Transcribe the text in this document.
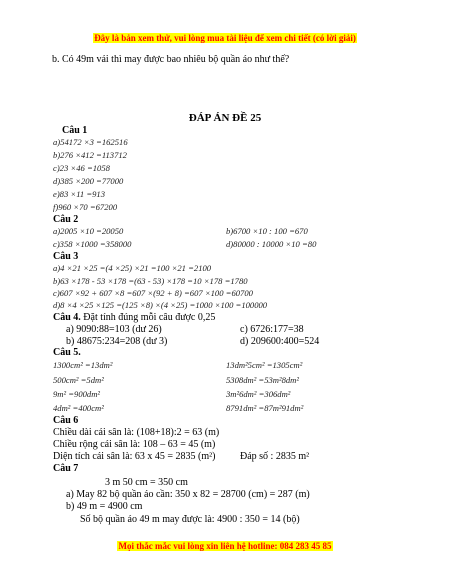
Đây là bản xem thử, vui lòng mua tài liệu để xem chi tiết (có lời giải)
b. Có 49m vải thì may được bao nhiêu bộ quần áo như thế?
ĐÁP ÁN ĐỀ 25
Câu 1
a)54172 ×3 =162516
b)276 ×412 =113712
c)23 ×46 =1058
d)385 ×200 =77000
e)83 ×11 =913
f)960 ×70 =67200
Câu 2
a)2005 ×10 =20050	b)6700 ×10 : 100 =670
c)358 ×1000 =358000	d)80000 : 10000 ×10 =80
Câu 3
a)4 ×21 ×25 =(4 ×25) ×21 =100 ×21 =2100
b)63 ×178 - 53 ×178 =(63 - 53) ×178 =10 ×178 =1780
c)607 ×92 + 607 ×8 =607 ×(92 + 8) =607 ×100 =60700
d)8 ×4 ×25 ×125 =(125 ×8) ×(4 ×25) =1000 ×100 =100000
Câu 4. Đặt tính đúng mỗi câu được 0,25
a) 9090:88=103 (dư 26)	c) 6726:177=38
b) 48675:234=208 (dư 3)	d) 209600:400=524
Câu 5.
1300cm² =13dm²	13dm²5cm² =1305cm²
500cm² =5dm²	5308dm² =53m²8dm²
9m² =900dm²	3m²6dm² =306dm²
4dm² =400cm²	8791dm² =87m²91dm²
Câu 6
Chiều dài cái sân là: (108+18):2 = 63 (m)
Chiều rộng cái sân là: 108 – 63 = 45 (m)
Diện tích cái sân là: 63 x 45 = 2835 (m²) Đáp số : 2835 m²
Câu 7
3 m 50 cm = 350 cm
a) May 82 bộ quần áo cần: 350 x 82 = 28700 (cm) = 287 (m)
b) 49 m = 4900 cm
Số bộ quần áo 49 m may được là: 4900 : 350 = 14 (bộ)
Mọi thắc mắc vui lòng xin liên hệ hotline: 084 283 45 85
